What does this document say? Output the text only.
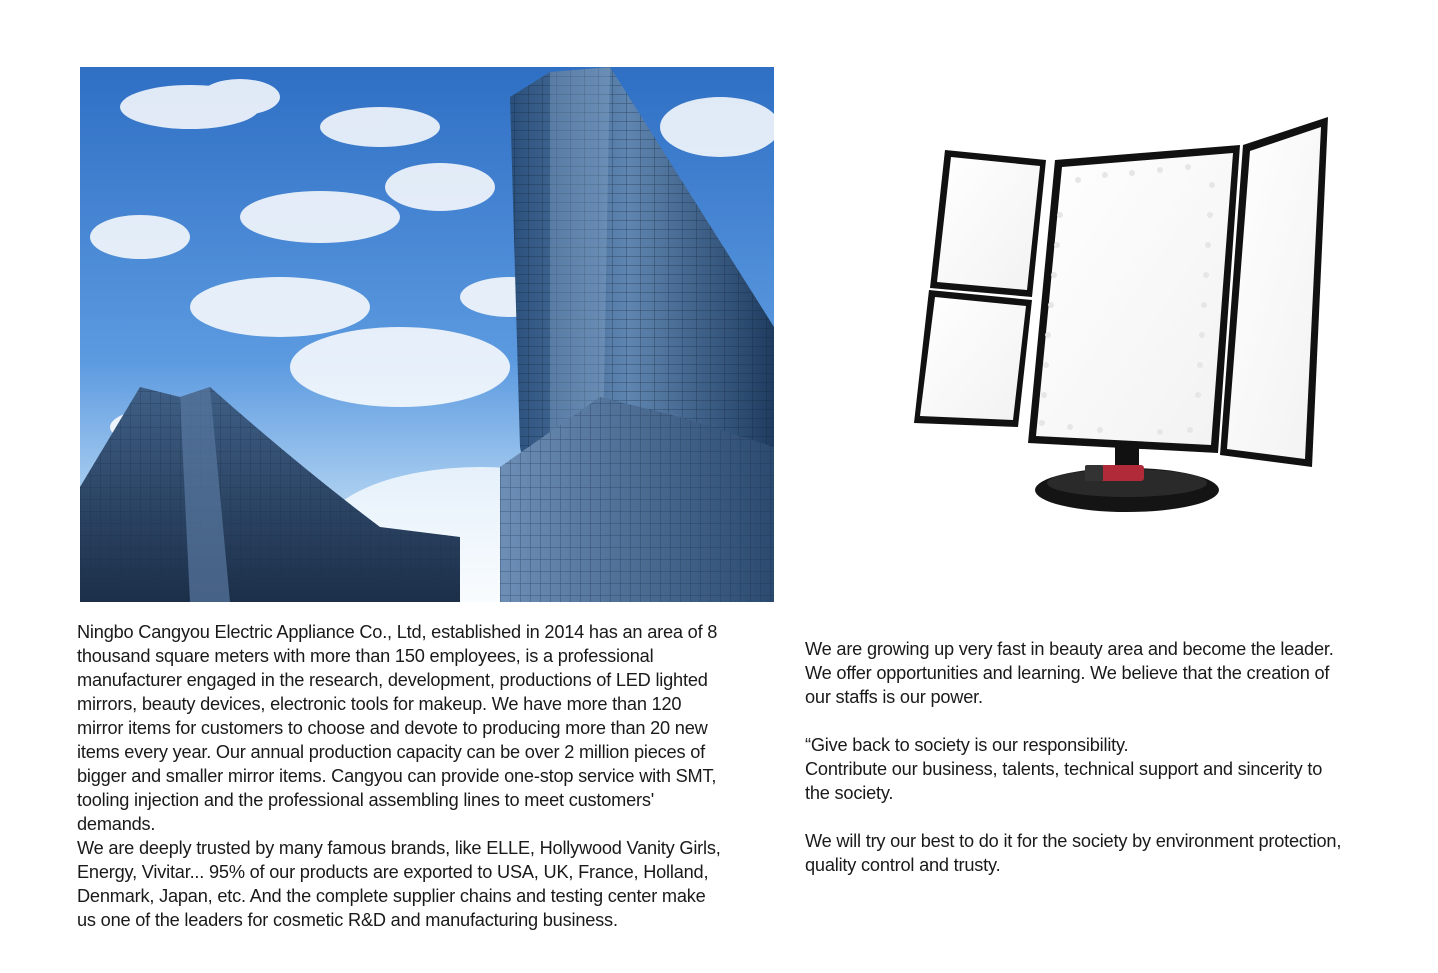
Ningbo Cangyou Electric Appliance Co., Ltd, established in 2014 has an area of 8
thousand square meters with more than 150 employees, is a professional
manufacturer engaged in the research, development, productions of LED lighted
mirrors, beauty devices, electronic tools for makeup. We have more than 120
mirror items for customers to choose and devote to producing more than 20 new
items every year. Our annual production capacity can be over 2 million pieces of
bigger and smaller mirror items. Cangyou can provide one-stop service with SMT,
tooling injection and the professional assembling lines to meet customers'
demands.

We are deeply trusted by many famous brands, like ELLE, Hollywood Vanity Girls,
Energy, Vivitar... 95% of our products are exported to USA, UK, France, Holland,
Denmark, Japan, etc. And the complete supplier chains and testing center make
us one of the leaders for cosmetic R&D and manufacturing business.

We are growing up very fast in beauty area and become the leader.
We offer opportunities and learning. We believe that the creation of
our staffs is our power.

“Give back to society is our responsibility.
Contribute our business, talents, technical support and sincerity to
the society.

We will try our best to do it for the society by environment protection,
quality control and trusty.
